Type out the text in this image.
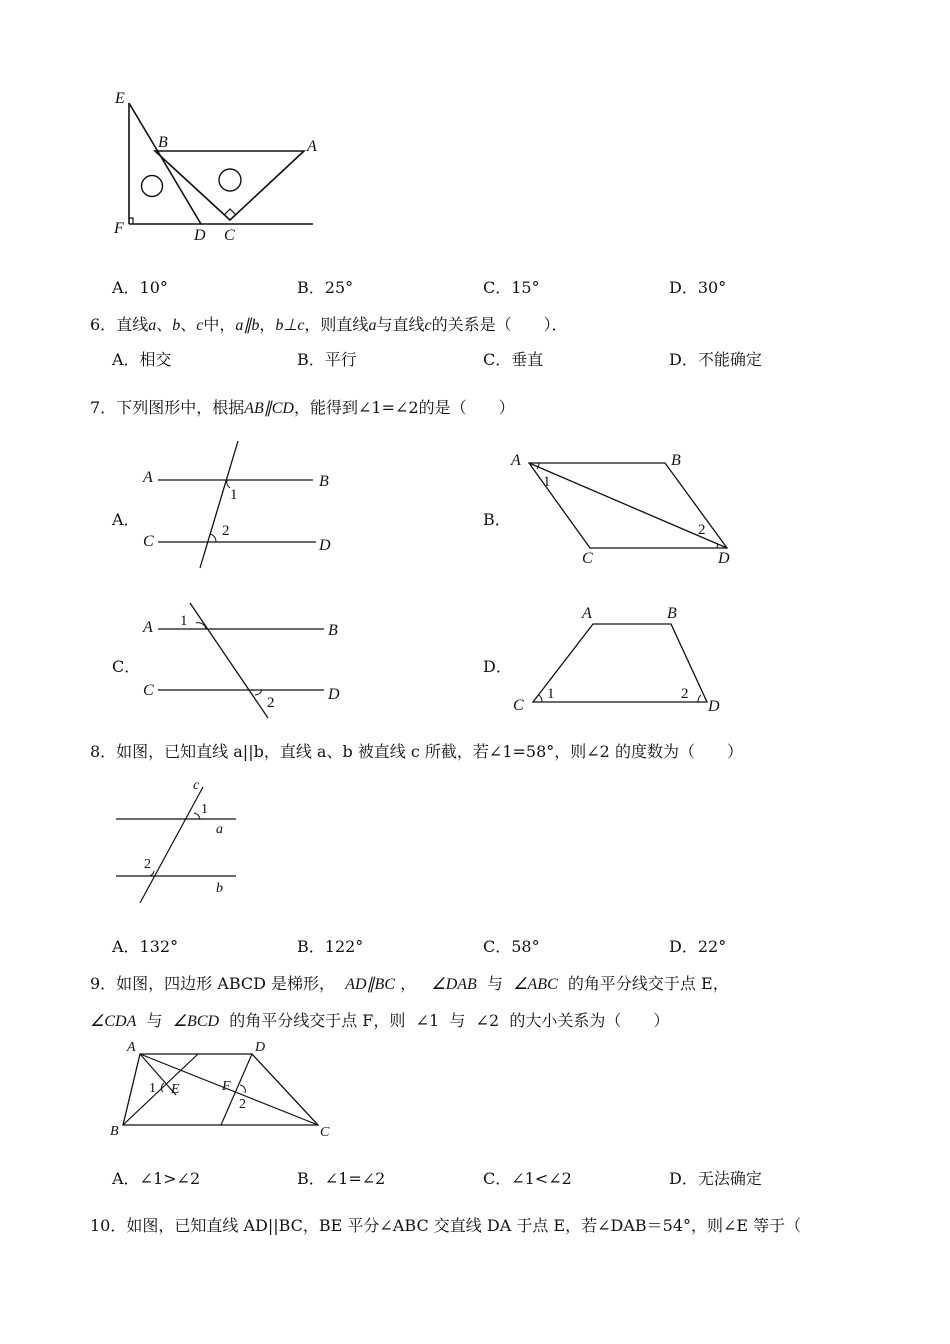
E
B	A
F	D C
A．10°	B．25°	C．15°	D．30°
6．直线a、b、c中，a∥b，b⊥c，则直线a与直线c的关系是（　　）．
A．相交	B．平行	C．垂直	D．不能确定
7．下列图形中，根据AB∥CD，能得到∠1=∠2的是（　　）
A．
A	B
C	D
1
2
B．
A	B
C	D
1
2
C．
A	B
C	D
1
2
D．
A	B
C	D
1	2
8．如图，已知直线 a||b，直线 a、b 被直线 c 所截，若∠1=58°，则∠2 的度数为（　　）
c
1
a
2
b
A．132°	B．122°	C．58°	D．22°
9．如图，四边形 ABCD 是梯形， AD∥BC ， ∠DAB 与 ∠ABC 的角平分线交于点 E，
∠CDA 与 ∠BCD 的角平分线交于点 F，则 ∠1 与 ∠2 的大小关系为（　　）
A	D
B	C
E	F
1
2
A．∠1>∠2	B．∠1=∠2	C．∠1<∠2	D．无法确定
10．如图，已知直线 AD||BC，BE 平分∠ABC 交直线 DA 于点 E，若∠DAB＝54°，则∠E 等于（
